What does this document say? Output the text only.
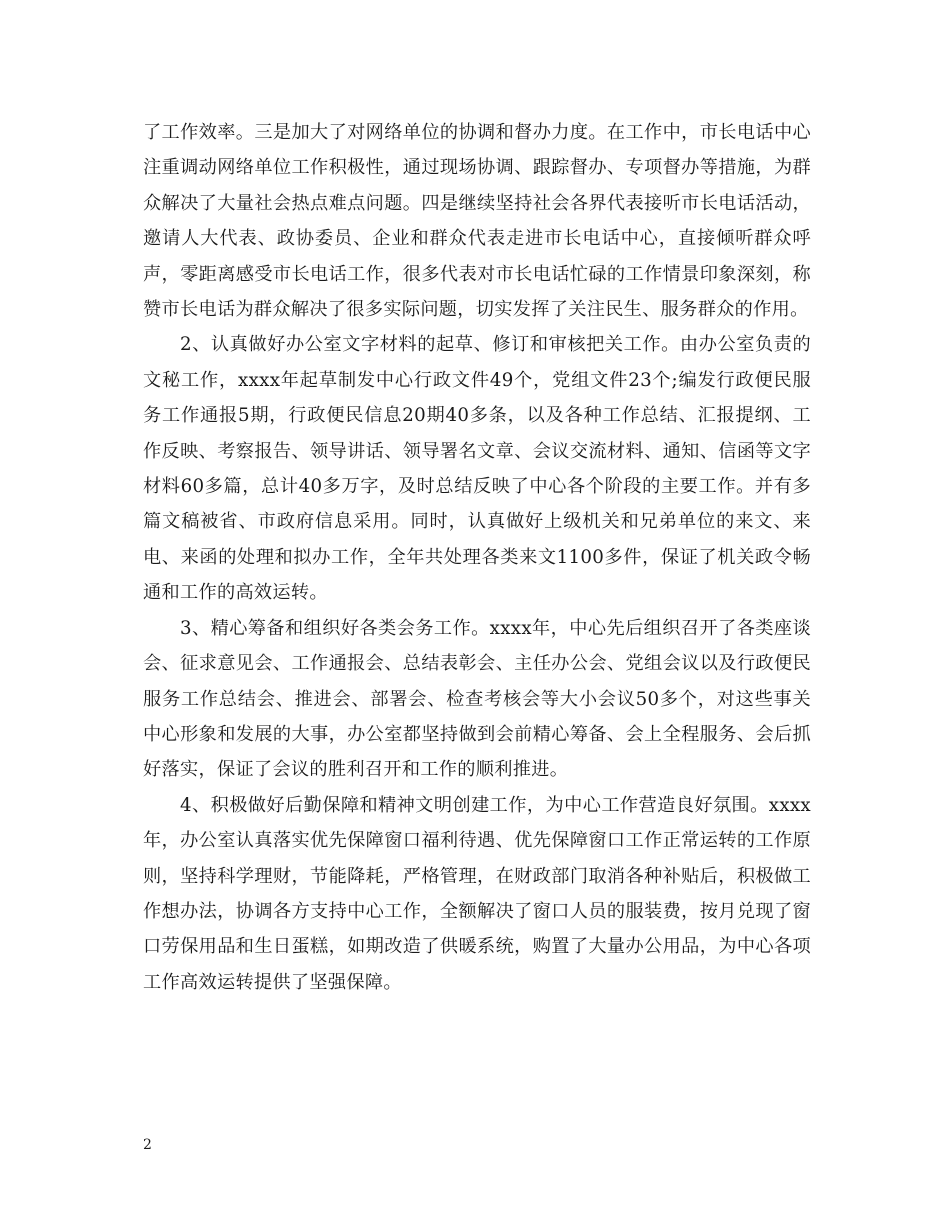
了工作效率。三是加大了对网络单位的协调和督办力度。在工作中，市长电话中心注重调动网络单位工作积极性，通过现场协调、跟踪督办、专项督办等措施，为群众解决了大量社会热点难点问题。四是继续坚持社会各界代表接听市长电话活动，邀请人大代表、政协委员、企业和群众代表走进市长电话中心，直接倾听群众呼声，零距离感受市长电话工作，很多代表对市长电话忙碌的工作情景印象深刻，称赞市长电话为群众解决了很多实际问题，切实发挥了关注民生、服务群众的作用。

2、认真做好办公室文字材料的起草、修订和审核把关工作。由办公室负责的文秘工作，xxxx年起草制发中心行政文件49个，党组文件23个;编发行政便民服务工作通报5期，行政便民信息20期40多条，以及各种工作总结、汇报提纲、工作反映、考察报告、领导讲话、领导署名文章、会议交流材料、通知、信函等文字材料60多篇，总计40多万字，及时总结反映了中心各个阶段的主要工作。并有多篇文稿被省、市政府信息采用。同时，认真做好上级机关和兄弟单位的来文、来电、来函的处理和拟办工作，全年共处理各类来文1100多件，保证了机关政令畅通和工作的高效运转。

3、精心筹备和组织好各类会务工作。xxxx年，中心先后组织召开了各类座谈会、征求意见会、工作通报会、总结表彰会、主任办公会、党组会议以及行政便民服务工作总结会、推进会、部署会、检查考核会等大小会议50多个，对这些事关中心形象和发展的大事，办公室都坚持做到会前精心筹备、会上全程服务、会后抓好落实，保证了会议的胜利召开和工作的顺利推进。

4、积极做好后勤保障和精神文明创建工作，为中心工作营造良好氛围。xxxx年，办公室认真落实优先保障窗口福利待遇、优先保障窗口工作正常运转的工作原则，坚持科学理财，节能降耗，严格管理，在财政部门取消各种补贴后，积极做工作想办法，协调各方支持中心工作，全额解决了窗口人员的服装费，按月兑现了窗口劳保用品和生日蛋糕，如期改造了供暖系统，购置了大量办公用品，为中心各项工作高效运转提供了坚强保障。

2
